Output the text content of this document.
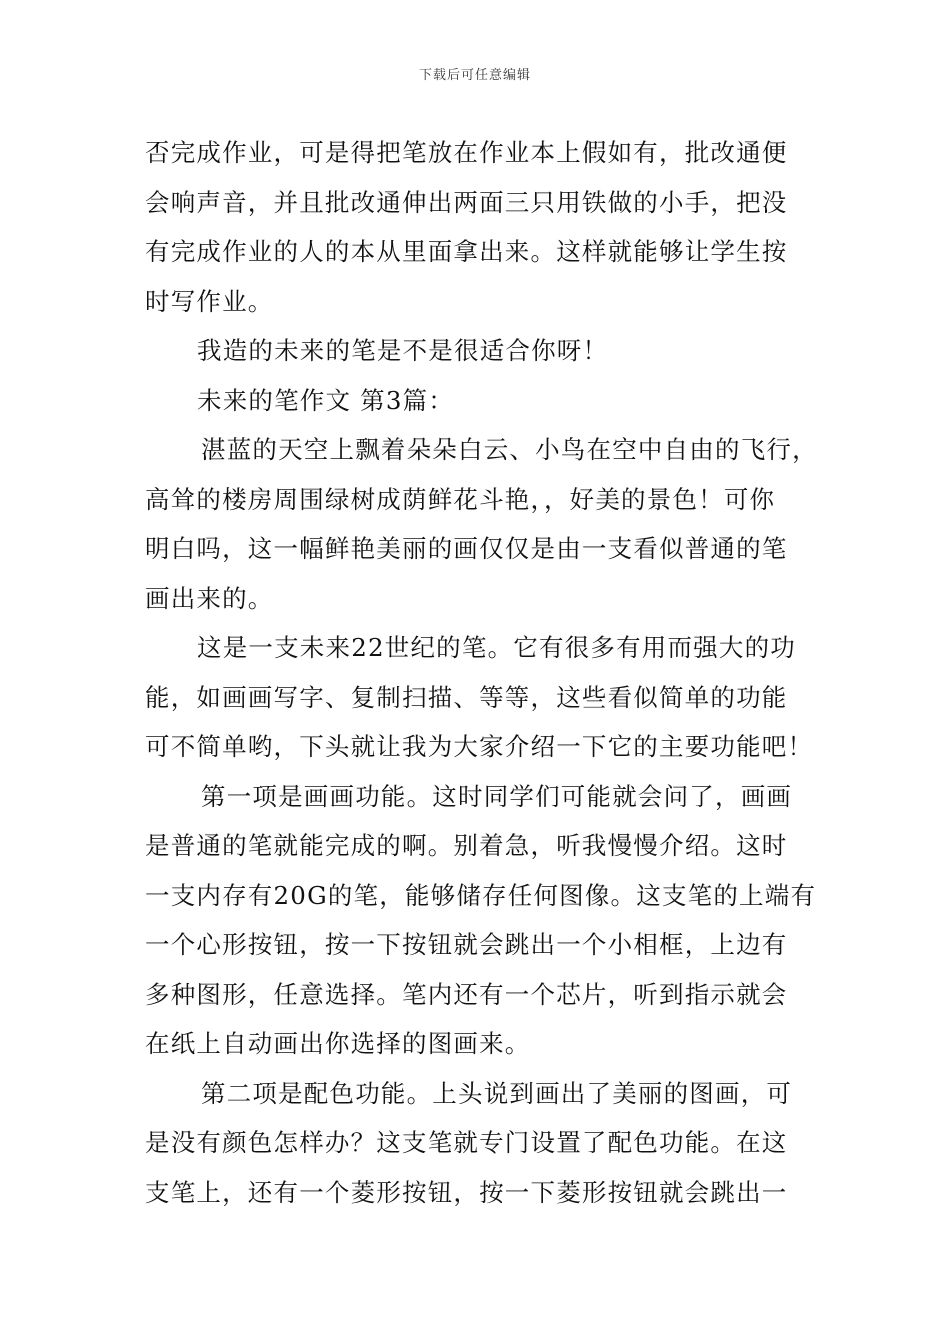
下载后可任意编辑
否完成作业，可是得把笔放在作业本上假如有，批改通便
会响声音，并且批改通伸出两面三只用铁做的小手，把没
有完成作业的人的本从里面拿出来。这样就能够让学生按
时写作业。
我造的未来的笔是不是很适合你呀！
未来的笔作文 第3篇：
湛蓝的天空上飘着朵朵白云、小鸟在空中自由的飞行，
高耸的楼房周围绿树成荫鲜花斗艳，，好美的景色！可你
明白吗，这一幅鲜艳美丽的画仅仅是由一支看似普通的笔
画出来的。
这是一支未来22世纪的笔。它有很多有用而强大的功
能，如画画写字、复制扫描、等等，这些看似简单的功能
可不简单哟，下头就让我为大家介绍一下它的主要功能吧！
第一项是画画功能。这时同学们可能就会问了，画画
是普通的笔就能完成的啊。别着急，听我慢慢介绍。这时
一支内存有20G的笔，能够储存任何图像。这支笔的上端有
一个心形按钮，按一下按钮就会跳出一个小相框，上边有
多种图形，任意选择。笔内还有一个芯片，听到指示就会
在纸上自动画出你选择的图画来。
第二项是配色功能。上头说到画出了美丽的图画，可
是没有颜色怎样办？这支笔就专门设置了配色功能。在这
支笔上，还有一个菱形按钮，按一下菱形按钮就会跳出一
